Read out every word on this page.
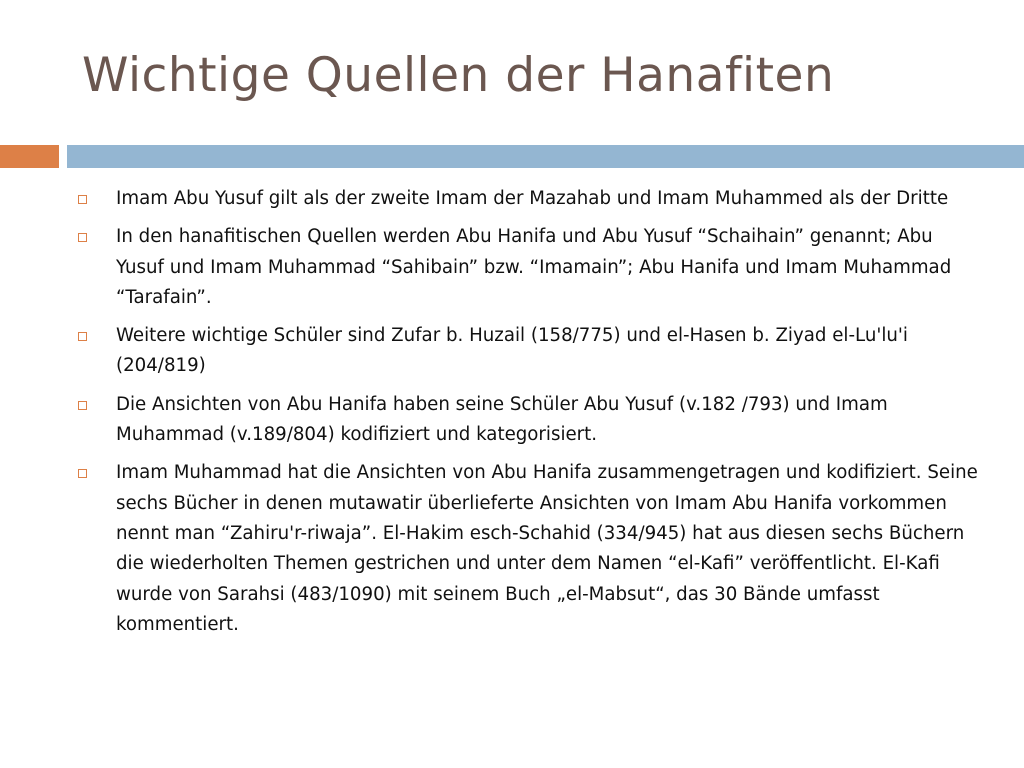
Wichtige Quellen der Hanafiten
Imam Abu Yusuf gilt als der zweite Imam der Mazahab und Imam Muhammed als der Dritte
In den hanafitischen Quellen werden Abu Hanifa und Abu Yusuf “Schaihain” genannt; Abu Yusuf und Imam Muhammad “Sahibain” bzw. “Imamain”; Abu Hanifa und Imam Muhammad “Tarafain”.
Weitere wichtige Schüler sind Zufar b. Huzail (158/775) und el-Hasen b. Ziyad el-Lu'lu'i (204/819)
Die Ansichten von Abu Hanifa haben seine Schüler Abu Yusuf (v.182 /793) und Imam Muhammad (v.189/804) kodifiziert und kategorisiert.
Imam Muhammad hat die Ansichten von Abu Hanifa zusammengetragen und kodifiziert. Seine sechs Bücher in denen mutawatir überlieferte Ansichten von Imam Abu Hanifa vorkommen nennt man “Zahiru'r-riwaja”. El-Hakim esch-Schahid (334/945) hat aus diesen sechs Büchern die wiederholten Themen gestrichen und unter dem Namen “el-Kafi” veröffentlicht. El-Kafi wurde von Sarahsi (483/1090) mit seinem Buch „el-Mabsut“, das 30 Bände umfasst kommentiert.
